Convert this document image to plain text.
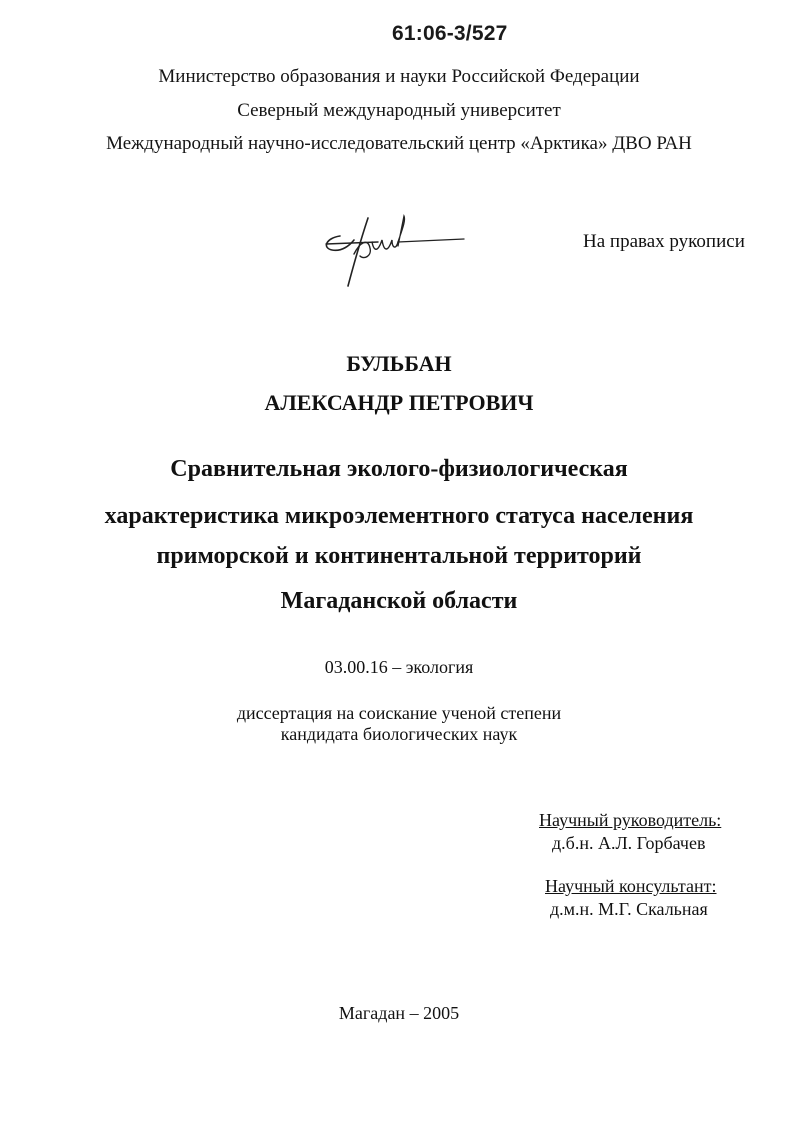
61:06-3/527
Министерство образования и науки Российской Федерации
Северный международный университет
Международный научно-исследовательский центр «Арктика» ДВО РАН
На правах рукописи
БУЛЬБАН
АЛЕКСАНДР ПЕТРОВИЧ
Сравнительная эколого-физиологическая
характеристика микроэлементного статуса населения
приморской и континентальной территорий
Магаданской области
03.00.16 – экология
диссертация на соискание ученой степени
кандидата биологических наук
Научный руководитель:
д.б.н. А.Л. Горбачев
Научный консультант:
д.м.н. М.Г. Скальная
Магадан – 2005
